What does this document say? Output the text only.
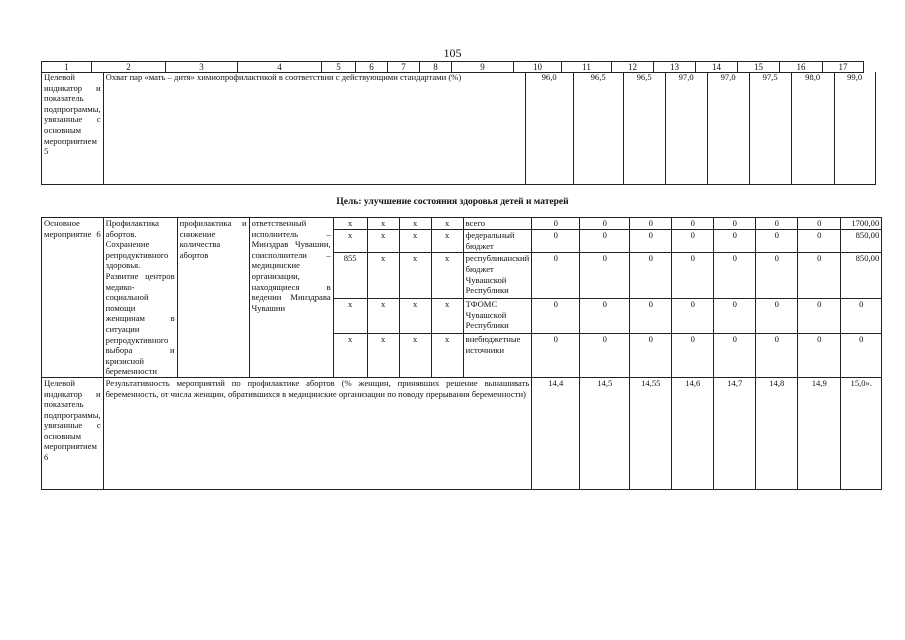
105
1	2	3	4	5	6	7	8	9	10	11	12	13	14	15	16	17
Целевой индикатор и показатель подпрограммы, увязанные с основным мероприятием 5	Охват пар «мать – дитя» химиопрофилактикой в соответствии с действующими стандартами (%)	96,0	96,5	96,5	97,0	97,0	97,5	98,0	99,0
Цель: улучшение состояния здоровья детей и матерей
Основное мероприятие 6	Профилактика абортов. Сохранение репродуктивного здоровья. Развитие центров медико-социальной помощи женщинам в ситуации репродуктивного выбора и кризисной беременности	профилактика и снижение количества абортов	ответственный исполнитель – Минздрав Чувашии, соисполнители – медицинские организации, находящиеся в ведении Минздрава Чувашии	x	x	x	x	всего	0	0	0	0	0	0	0	1700,00
				x	x	x	x	федеральный бюджет	0	0	0	0	0	0	0	850,00
				855	x	x	x	республиканский бюджет Чувашской Республики	0	0	0	0	0	0	0	850,00
				x	x	x	x	ТФОМС Чувашской Республики	0	0	0	0	0	0	0	0
				x	x	x	x	внебюджетные источники	0	0	0	0	0	0	0	0
Целевой индикатор и показатель подпрограммы, увязанные с основным мероприятием 6	Результативность мероприятий по профилактике абортов (% женщин, принявших решение вынашивать беременность, от числа женщин, обратившихся в медицинские организации по поводу прерывания беременности)								14,4	14,5	14,55	14,6	14,7	14,8	14,9	15,0».
